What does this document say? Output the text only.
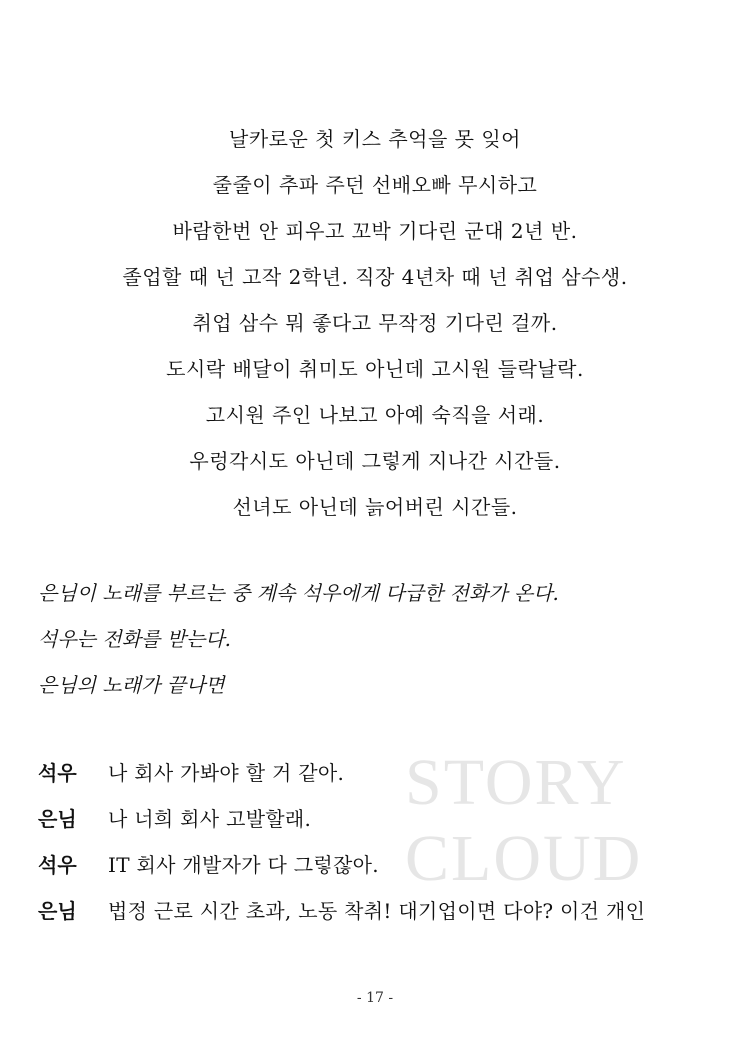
STORY
CLOUD
날카로운 첫 키스 추억을 못 잊어
줄줄이 추파 주던 선배오빠 무시하고
바람한번 안 피우고 꼬박 기다린 군대 2년 반.
졸업할 때 넌 고작 2학년. 직장 4년차 때 넌 취업 삼수생.
취업 삼수 뭐 좋다고 무작정 기다린 걸까.
도시락 배달이 취미도 아닌데 고시원 들락날락.
고시원 주인 나보고 아예 숙직을 서래.
우렁각시도 아닌데 그렇게 지나간 시간들.
선녀도 아닌데 늙어버린 시간들.
은님이 노래를 부르는 중 계속 석우에게 다급한 전화가 온다.
석우는 전화를 받는다.
은님의 노래가 끝나면
석우	나 회사 가봐야 할 거 같아.
은님	나 너희 회사 고발할래.
석우	IT 회사 개발자가 다 그렇잖아.
은님	법정 근로 시간 초과, 노동 착취! 대기업이면 다야? 이건 개인
- 17 -
